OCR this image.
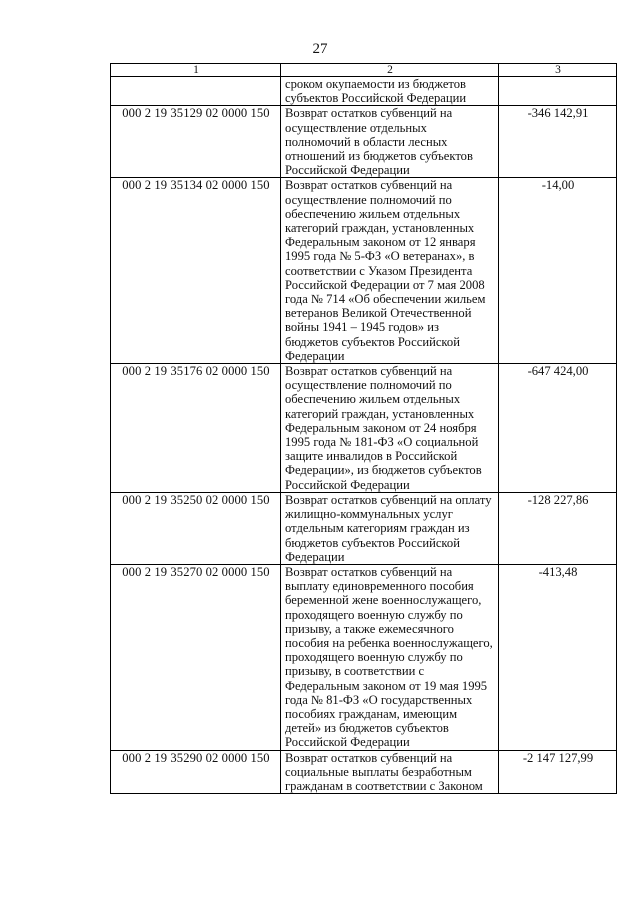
27
1	2	3
	сроком окупаемости из бюджетов субъектов Российской Федерации	
000 2 19 35129 02 0000 150	Возврат остатков субвенций на осуществление отдельных полномочий в области лесных отношений из бюджетов субъектов Российской Федерации	-346 142,91
000 2 19 35134 02 0000 150	Возврат остатков субвенций на осуществление полномочий по обеспечению жильем отдельных категорий граждан, установленных Федеральным законом от 12 января 1995 года № 5-ФЗ «О ветеранах», в соответствии с Указом Президента Российской Федерации от 7 мая 2008 года № 714 «Об обеспечении жильем ветеранов Великой Отечественной войны 1941 – 1945 годов» из бюджетов субъектов Российской Федерации	-14,00
000 2 19 35176 02 0000 150	Возврат остатков субвенций на осуществление полномочий по обеспечению жильем отдельных категорий граждан, установленных Федеральным законом от 24 ноября 1995 года № 181-ФЗ «О социальной защите инвалидов в Российской Федерации», из бюджетов субъектов Российской Федерации	-647 424,00
000 2 19 35250 02 0000 150	Возврат остатков субвенций на оплату жилищно-коммунальных услуг отдельным категориям граждан из бюджетов субъектов Российской Федерации	-128 227,86
000 2 19 35270 02 0000 150	Возврат остатков субвенций на выплату единовременного пособия беременной жене военнослужащего, проходящего военную службу по призыву, а также ежемесячного пособия на ребенка военнослужащего, проходящего военную службу по призыву, в соответствии с Федеральным законом от 19 мая 1995 года № 81-ФЗ «О государственных пособиях гражданам, имеющим детей» из бюджетов субъектов Российской Федерации	-413,48
000 2 19 35290 02 0000 150	Возврат остатков субвенций на социальные выплаты безработным гражданам в соответствии с Законом	-2 147 127,99
